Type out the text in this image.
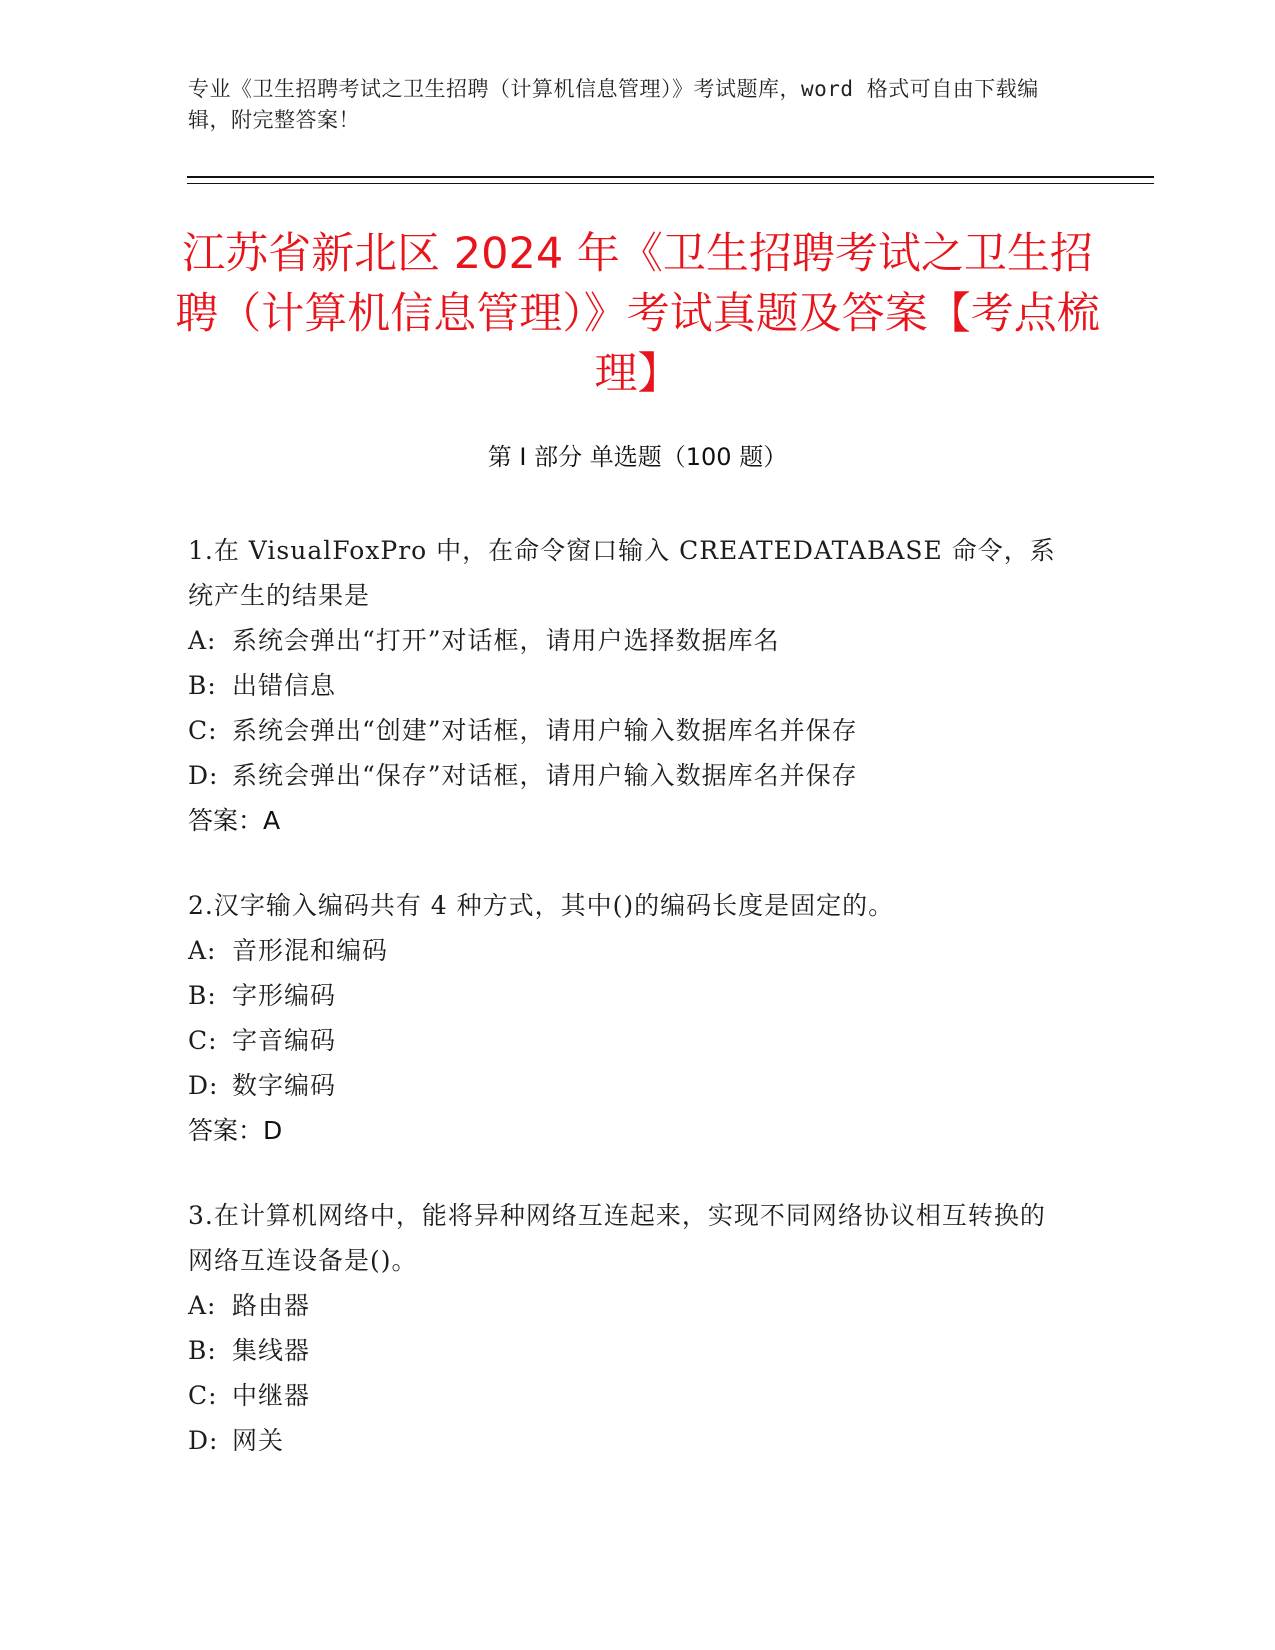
专业《卫生招聘考试之卫生招聘（计算机信息管理）》考试题库，word 格式可自由下载编辑，附完整答案！
江苏省新北区 2024 年《卫生招聘考试之卫生招聘（计算机信息管理）》考试真题及答案【考点梳理】
第 I 部分 单选题（100 题）

1.在 VisualFoxPro 中，在命令窗口输入 CREATEDATABASE 命令，系统产生的结果是

A: 系统会弹出“打开”对话框，请用户选择数据库名

B: 出错信息

C: 系统会弹出“创建”对话框，请用户输入数据库名并保存

D: 系统会弹出“保存”对话框，请用户输入数据库名并保存

答案：A

2.汉字输入编码共有 4 种方式，其中()的编码长度是固定的。

A: 音形混和编码

B: 字形编码

C: 字音编码

D: 数字编码

答案：D

3.在计算机网络中，能将异种网络互连起来，实现不同网络协议相互转换的网络互连设备是()。

A: 路由器

B: 集线器

C: 中继器

D: 网关
